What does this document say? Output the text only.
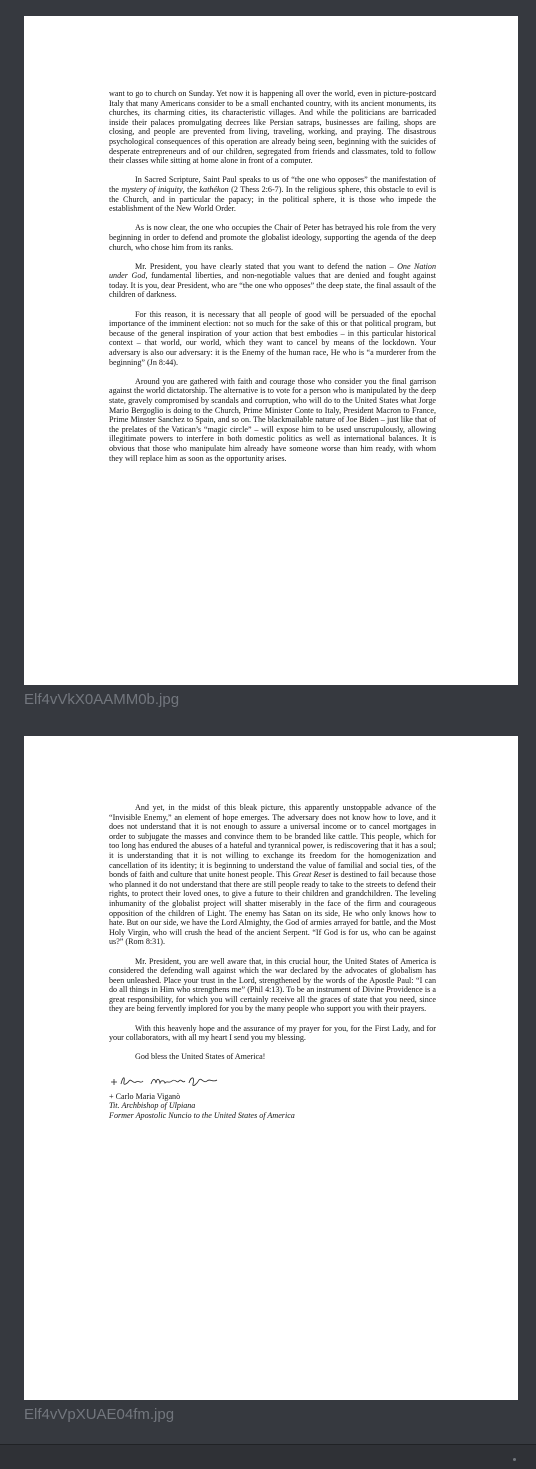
want to go to church on Sunday. Yet now it is happening all over the world, even in picture-postcard Italy that many Americans consider to be a small enchanted country, with its ancient monuments, its churches, its charming cities, its characteristic villages. And while the politicians are barricaded inside their palaces promulgating decrees like Persian satraps, businesses are failing, shops are closing, and people are prevented from living, traveling, working, and praying. The disastrous psychological consequences of this operation are already being seen, beginning with the suicides of desperate entrepreneurs and of our children, segregated from friends and classmates, told to follow their classes while sitting at home alone in front of a computer.

In Sacred Scripture, Saint Paul speaks to us of “the one who opposes” the manifestation of the mystery of iniquity, the kathékon (2 Thess 2:6-7). In the religious sphere, this obstacle to evil is the Church, and in particular the papacy; in the political sphere, it is those who impede the establishment of the New World Order.

As is now clear, the one who occupies the Chair of Peter has betrayed his role from the very beginning in order to defend and promote the globalist ideology, supporting the agenda of the deep church, who chose him from its ranks.

Mr. President, you have clearly stated that you want to defend the nation – One Nation under God, fundamental liberties, and non-negotiable values that are denied and fought against today. It is you, dear President, who are “the one who opposes” the deep state, the final assault of the children of darkness.

For this reason, it is necessary that all people of good will be persuaded of the epochal importance of the imminent election: not so much for the sake of this or that political program, but because of the general inspiration of your action that best embodies – in this particular historical context – that world, our world, which they want to cancel by means of the lockdown. Your adversary is also our adversary: it is the Enemy of the human race, He who is “a murderer from the beginning” (Jn 8:44).

Around you are gathered with faith and courage those who consider you the final garrison against the world dictatorship. The alternative is to vote for a person who is manipulated by the deep state, gravely compromised by scandals and corruption, who will do to the United States what Jorge Mario Bergoglio is doing to the Church, Prime Minister Conte to Italy, President Macron to France, Prime Minster Sanchez to Spain, and so on. The blackmailable nature of Joe Biden – just like that of the prelates of the Vatican’s “magic circle” – will expose him to be used unscrupulously, allowing illegitimate powers to interfere in both domestic politics as well as international balances. It is obvious that those who manipulate him already have someone worse than him ready, with whom they will replace him as soon as the opportunity arises.

Elf4vVkX0AAMM0b.jpg

And yet, in the midst of this bleak picture, this apparently unstoppable advance of the “Invisible Enemy,” an element of hope emerges. The adversary does not know how to love, and it does not understand that it is not enough to assure a universal income or to cancel mortgages in order to subjugate the masses and convince them to be branded like cattle. This people, which for too long has endured the abuses of a hateful and tyrannical power, is rediscovering that it has a soul; it is understanding that it is not willing to exchange its freedom for the homogenization and cancellation of its identity; it is beginning to understand the value of familial and social ties, of the bonds of faith and culture that unite honest people. This Great Reset is destined to fail because those who planned it do not understand that there are still people ready to take to the streets to defend their rights, to protect their loved ones, to give a future to their children and grandchildren. The leveling inhumanity of the globalist project will shatter miserably in the face of the firm and courageous opposition of the children of Light. The enemy has Satan on its side, He who only knows how to hate. But on our side, we have the Lord Almighty, the God of armies arrayed for battle, and the Most Holy Virgin, who will crush the head of the ancient Serpent. “If God is for us, who can be against us?” (Rom 8:31).

Mr. President, you are well aware that, in this crucial hour, the United States of America is considered the defending wall against which the war declared by the advocates of globalism has been unleashed. Place your trust in the Lord, strengthened by the words of the Apostle Paul: “I can do all things in Him who strengthens me” (Phil 4:13). To be an instrument of Divine Providence is a great responsibility, for which you will certainly receive all the graces of state that you need, since they are being fervently implored for you by the many people who support you with their prayers.

With this heavenly hope and the assurance of my prayer for you, for the First Lady, and for your collaborators, with all my heart I send you my blessing.

God bless the United States of America!

+ Carlo Maria Viganò
Tit. Archbishop of Ulpiana
Former Apostolic Nuncio to the United States of America
Elf4vVpXUAE04fm.jpg
